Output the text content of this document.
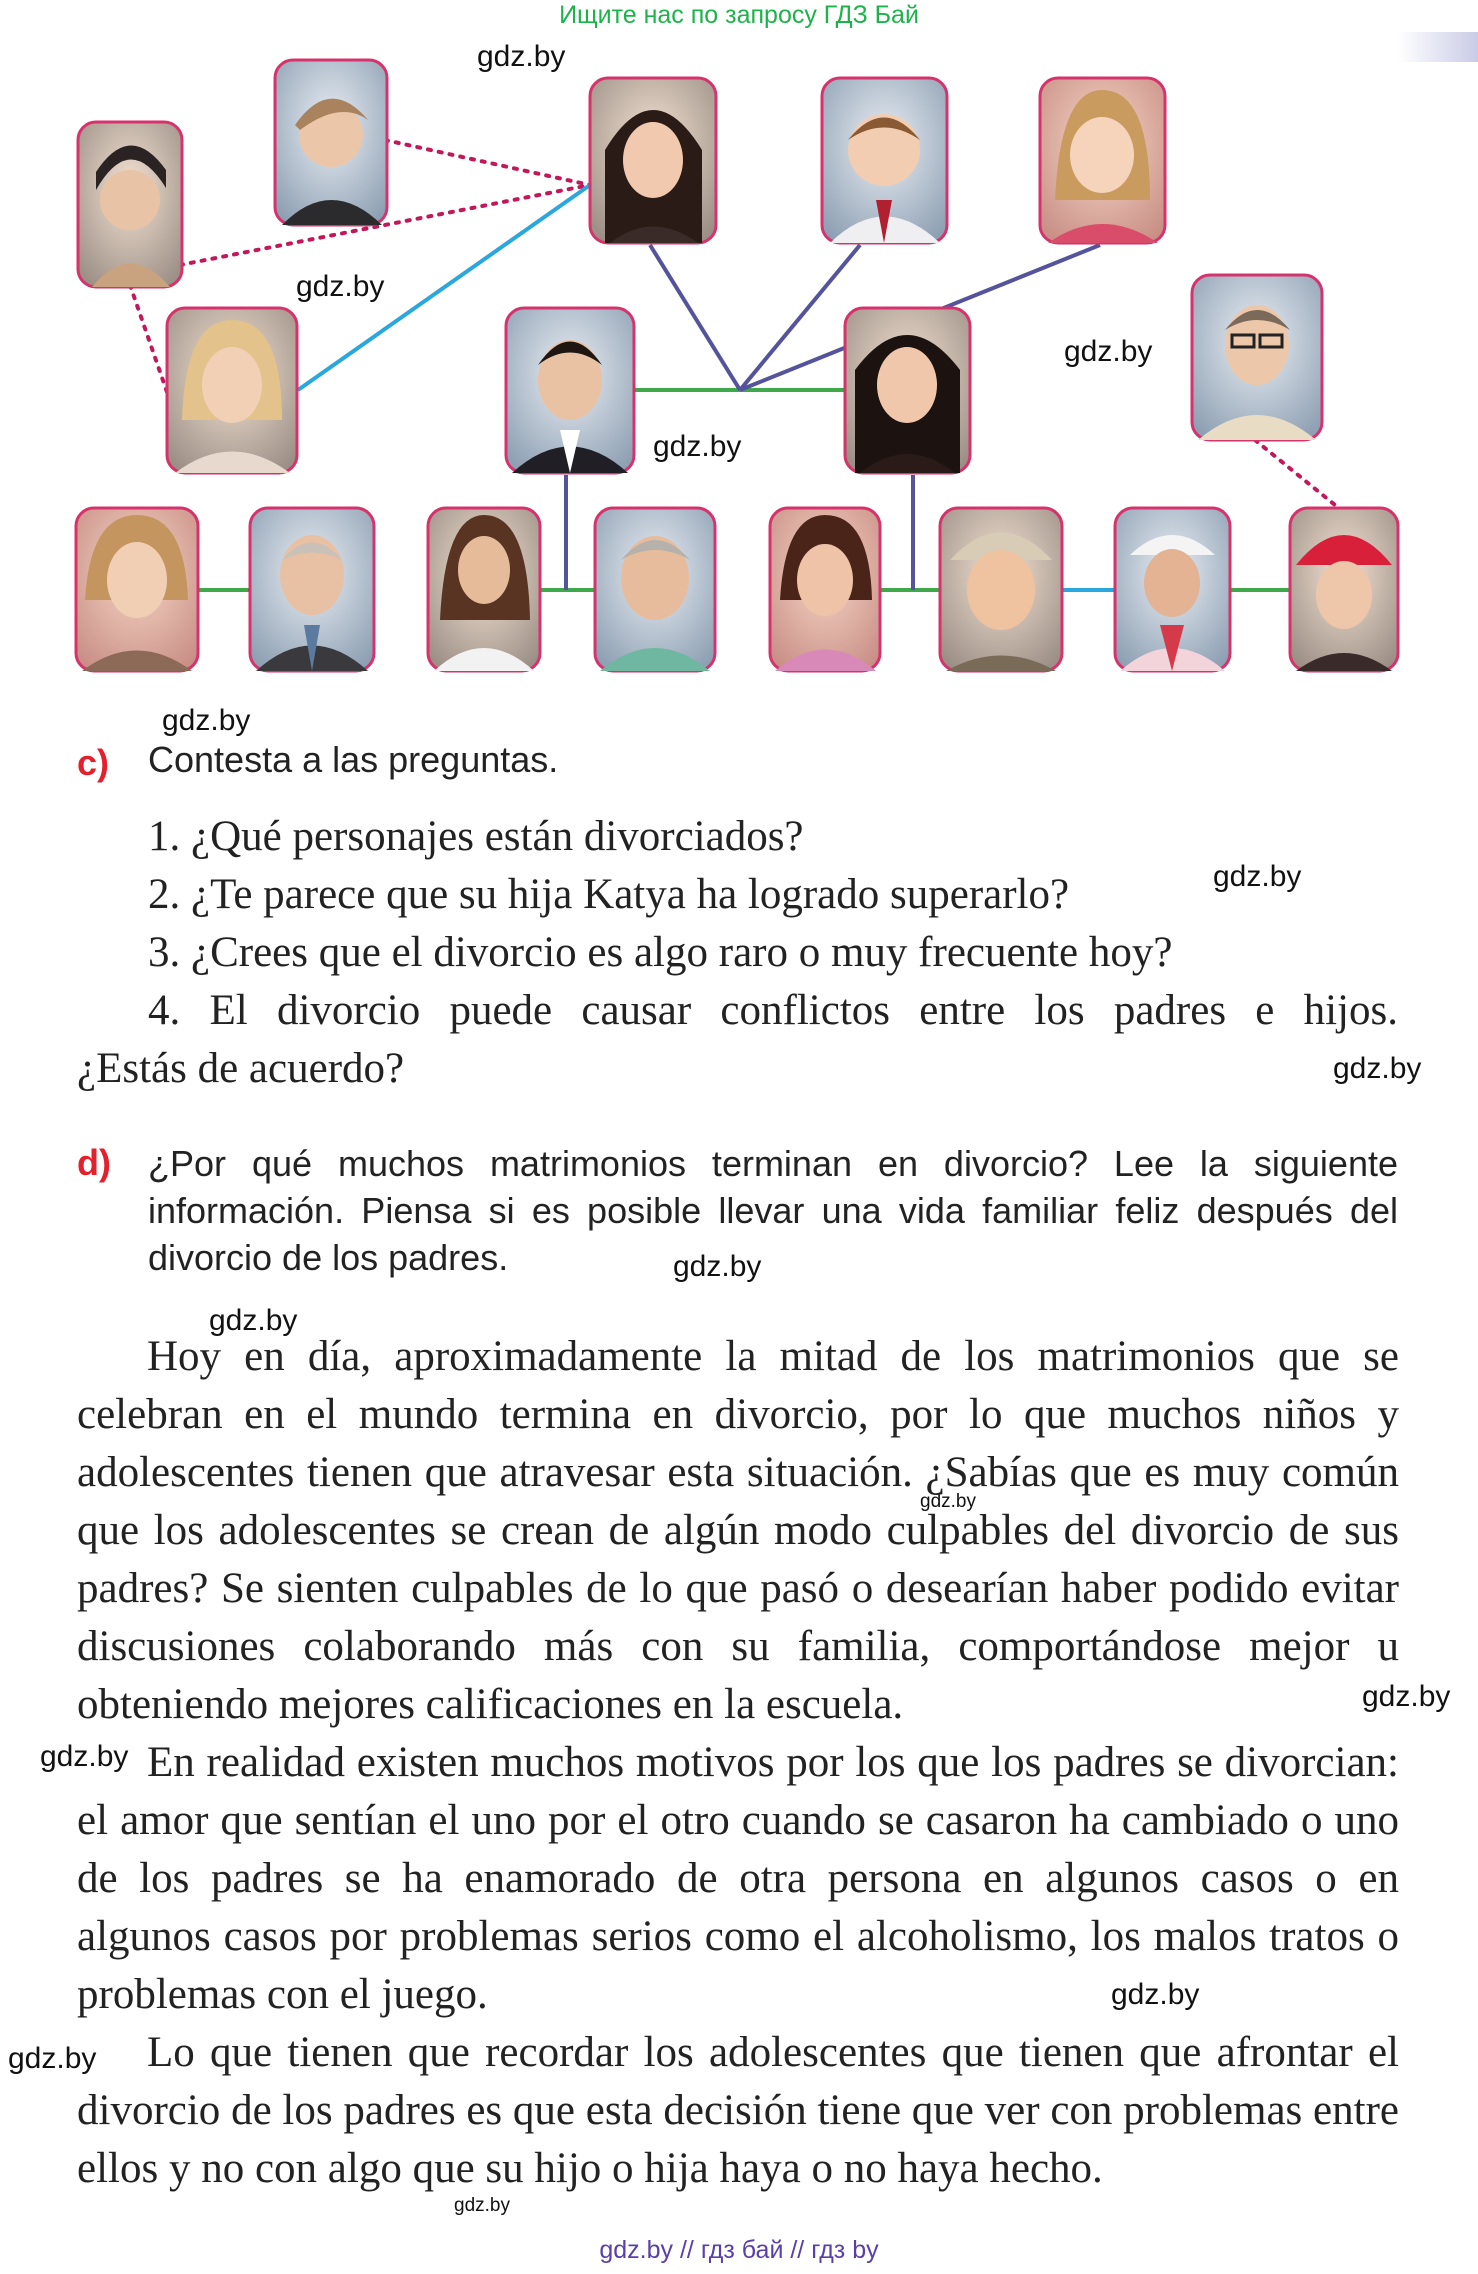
Ищите нас по запросу ГДЗ Бай
gdz.by
gdz.by
gdz.by
gdz.by
gdz.by
gdz.by
gdz.by
gdz.by
gdz.by
gdz.by
gdz.by
gdz.by
gdz.by
gdz.by
gdz.by
c) Contesta a las preguntas.
1. ¿Qué personajes están divorciados?
2. ¿Te parece que su hija Katya ha logrado superarlo?
3. ¿Crees que el divorcio es algo raro o muy frecuente hoy?
4. El divorcio puede causar conflictos entre los padres e hijos.
¿Estás de acuerdo?
d) ¿Por qué muchos matrimonios terminan en divorcio? Lee la siguiente información. Piensa si es posible llevar una vida familiar feliz después del divorcio de los padres.
Hoy en día, aproximadamente la mitad de los matrimonios que se celebran en el mundo termina en divorcio, por lo que muchos niños y adolescentes tienen que atravesar esta situación. ¿Sabías que es muy común que los adolescentes se crean de algún modo culpables del divorcio de sus padres? Se sienten culpables de lo que pasó o desearían haber podido evitar discusiones colaborando más con su familia, comportándose mejor u obteniendo mejores calificaciones en la escuela.
En realidad existen muchos motivos por los que los padres se divorcian: el amor que sentían el uno por el otro cuando se casaron ha cambiado o uno de los padres se ha enamorado de otra persona en algunos casos o en algunos casos por problemas serios como el alcoholismo, los malos tratos o problemas con el juego.
Lo que tienen que recordar los adolescentes que tienen que afrontar el divorcio de los padres es que esta decisión tiene que ver con problemas entre ellos y no con algo que su hijo o hija haya o no haya hecho.
gdz.by // гдз бай // гдз by
